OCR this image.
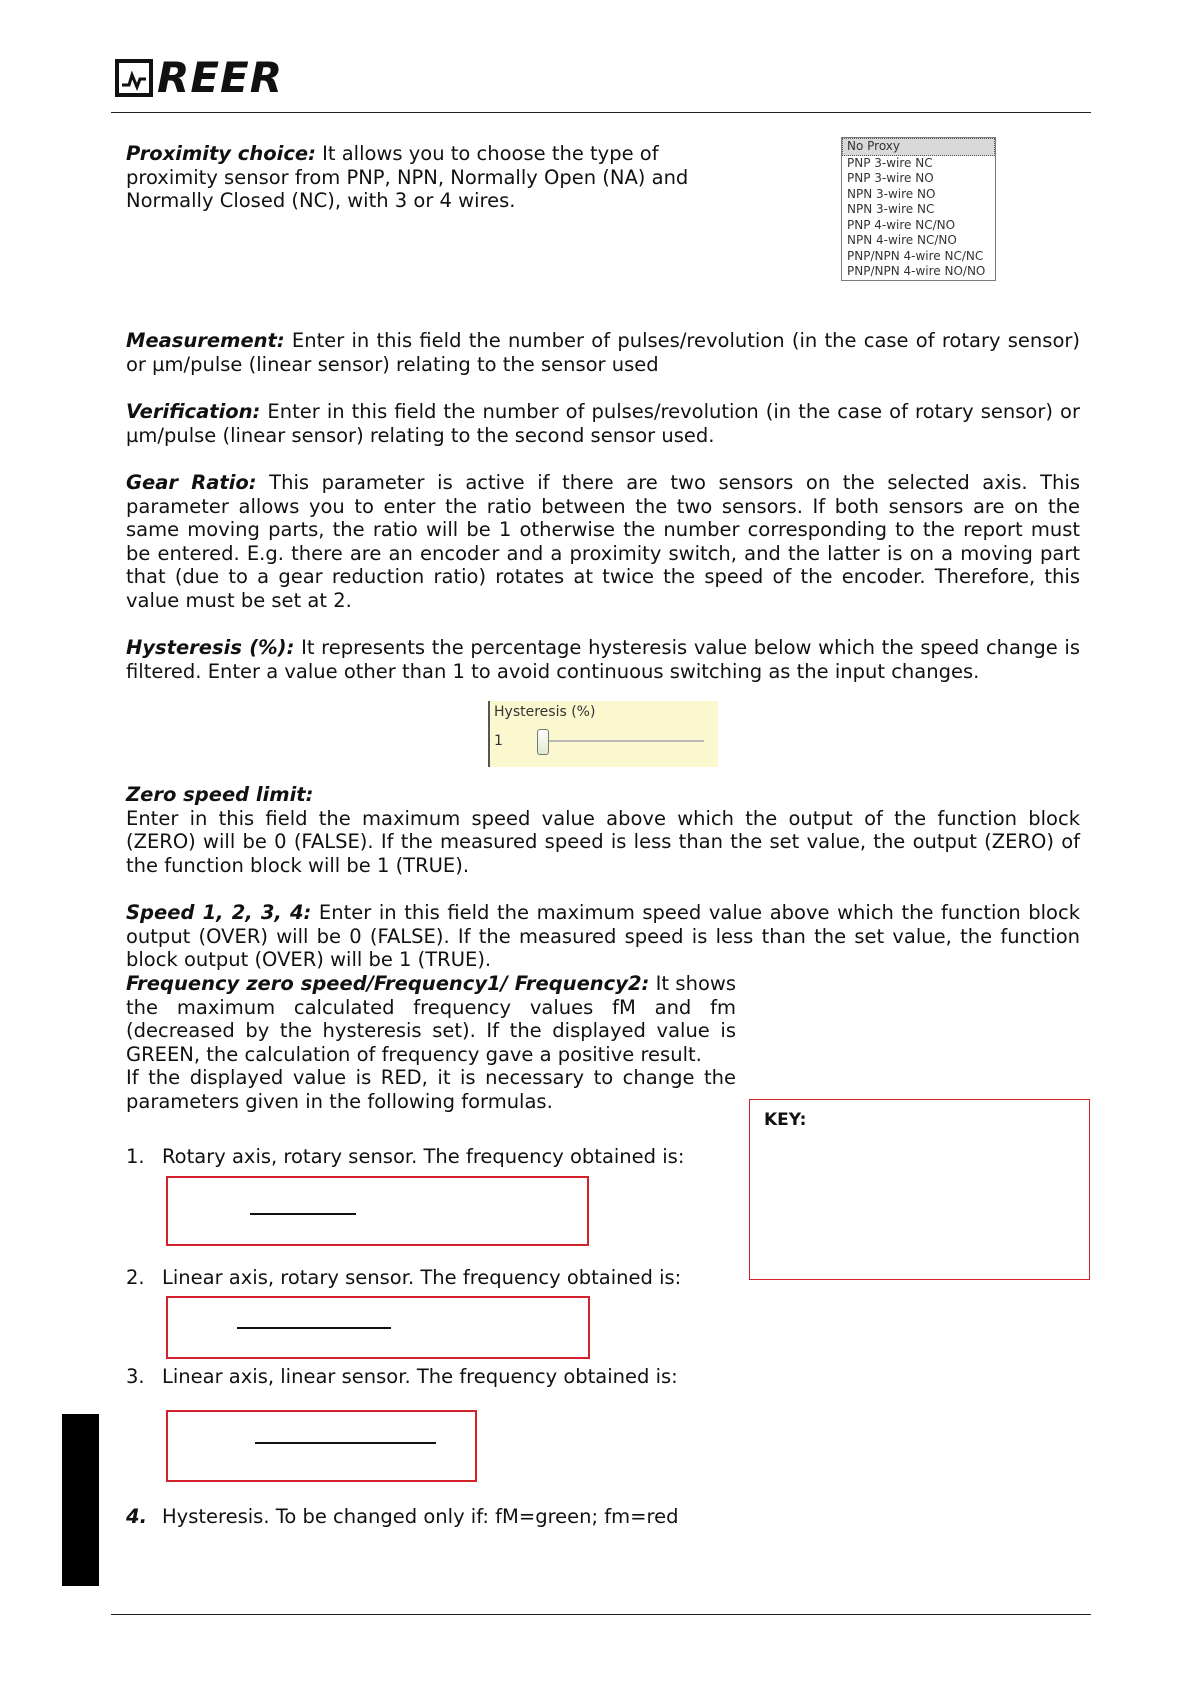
REER
Proximity choice: It allows you to choose the type of proximity sensor from PNP, NPN, Normally Open (NA) and Normally Closed (NC), with 3 or 4 wires.
No Proxy
PNP 3-wire NC
PNP 3-wire NO
NPN 3-wire NO
NPN 3-wire NC
PNP 4-wire NC/NO
NPN 4-wire NC/NO
PNP/NPN 4-wire NC/NC
PNP/NPN 4-wire NO/NO
Measurement: Enter in this field the number of pulses/revolution (in the case of rotary sensor) or µm/pulse (linear sensor) relating to the sensor used
Verification: Enter in this field the number of pulses/revolution (in the case of rotary sensor) or µm/pulse (linear sensor) relating to the second sensor used.
Gear Ratio: This parameter is active if there are two sensors on the selected axis. This parameter allows you to enter the ratio between the two sensors. If both sensors are on the same moving parts, the ratio will be 1 otherwise the number corresponding to the report must be entered. E.g. there are an encoder and a proximity switch, and the latter is on a moving part that (due to a gear reduction ratio) rotates at twice the speed of the encoder. Therefore, this value must be set at 2.
Hysteresis (%): It represents the percentage hysteresis value below which the speed change is filtered. Enter a value other than 1 to avoid continuous switching as the input changes.
Hysteresis (%)
1
Zero speed limit:
Enter in this field the maximum speed value above which the output of the function block (ZERO) will be 0 (FALSE). If the measured speed is less than the set value, the output (ZERO) of the function block will be 1 (TRUE).
Speed 1, 2, 3, 4: Enter in this field the maximum speed value above which the function block output (OVER) will be 0 (FALSE). If the measured speed is less than the set value, the function block output (OVER) will be 1 (TRUE).
Frequency zero speed/Frequency1/ Frequency2: It shows the maximum calculated frequency values fM and fm (decreased by the hysteresis set). If the displayed value is GREEN, the calculation of frequency gave a positive result.
If the displayed value is RED, it is necessary to change the parameters given in the following formulas.
KEY:
1. Rotary axis, rotary sensor. The frequency obtained is:
2. Linear axis, rotary sensor. The frequency obtained is:
3. Linear axis, linear sensor. The frequency obtained is:
4. Hysteresis. To be changed only if: fM=green; fm=red
